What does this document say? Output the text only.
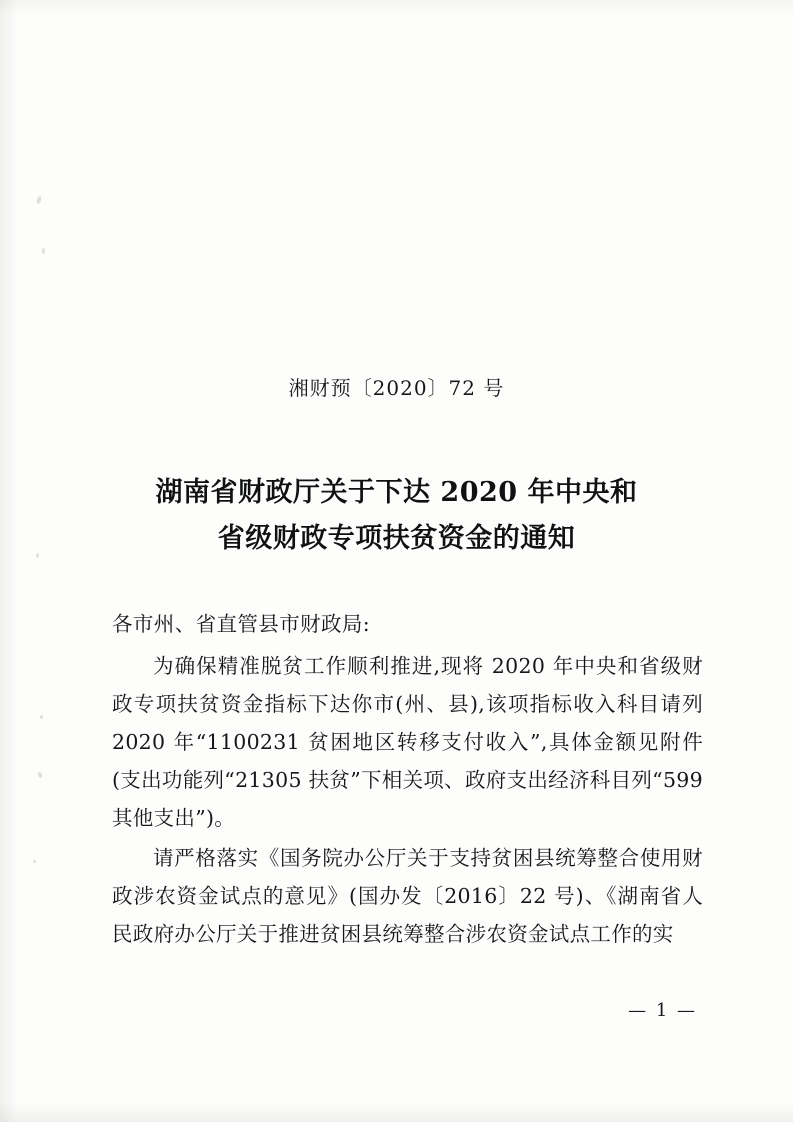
湘财预〔2020〕72 号
湖南省财政厅关于下达 2020 年中央和
省级财政专项扶贫资金的通知

各市州、省直管县市财政局:

为确保精准脱贫工作顺利推进,现将 2020 年中央和省级财政专项扶贫资金指标下达你市(州、县),该项指标收入科目请列 2020 年“1100231 贫困地区转移支付收入”,具体金额见附件(支出功能列“21305 扶贫”下相关项、政府支出经济科目列“599 其他支出”)。

请严格落实《国务院办公厅关于支持贫困县统筹整合使用财政涉农资金试点的意见》(国办发〔2016〕22 号)、《湖南省人民政府办公厅关于推进贫困县统筹整合涉农资金试点工作的实

— 1 —
